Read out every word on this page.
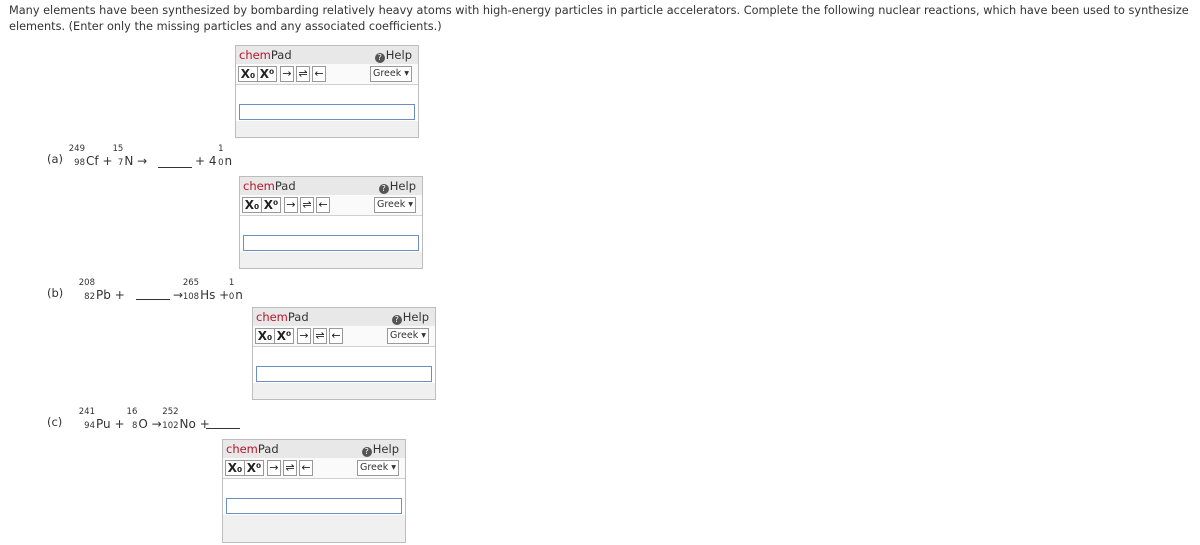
Many elements have been synthesized by bombarding relatively heavy atoms with high-energy particles in particle accelerators. Complete the following nuclear reactions, which have been used to synthesize elements. (Enter only the missing particles and any associated coefficients.)
(a)
249
98 Cf +
15
7 N →	+ 4
1
0 n
(b)
208
82 Pb +	→
265
108 Hs +
1
0 n
(c)
241
94 Pu +
16
8 O →
252
102 No +
chemPad	? Help
X₀ X⁰ → ⇌ ←	Greek ▾
chemPad	? Help
X₀ X⁰ → ⇌ ←	Greek ▾
chemPad	? Help
X₀ X⁰ → ⇌ ←	Greek ▾
chemPad	? Help
X₀ X⁰ → ⇌ ←	Greek ▾
